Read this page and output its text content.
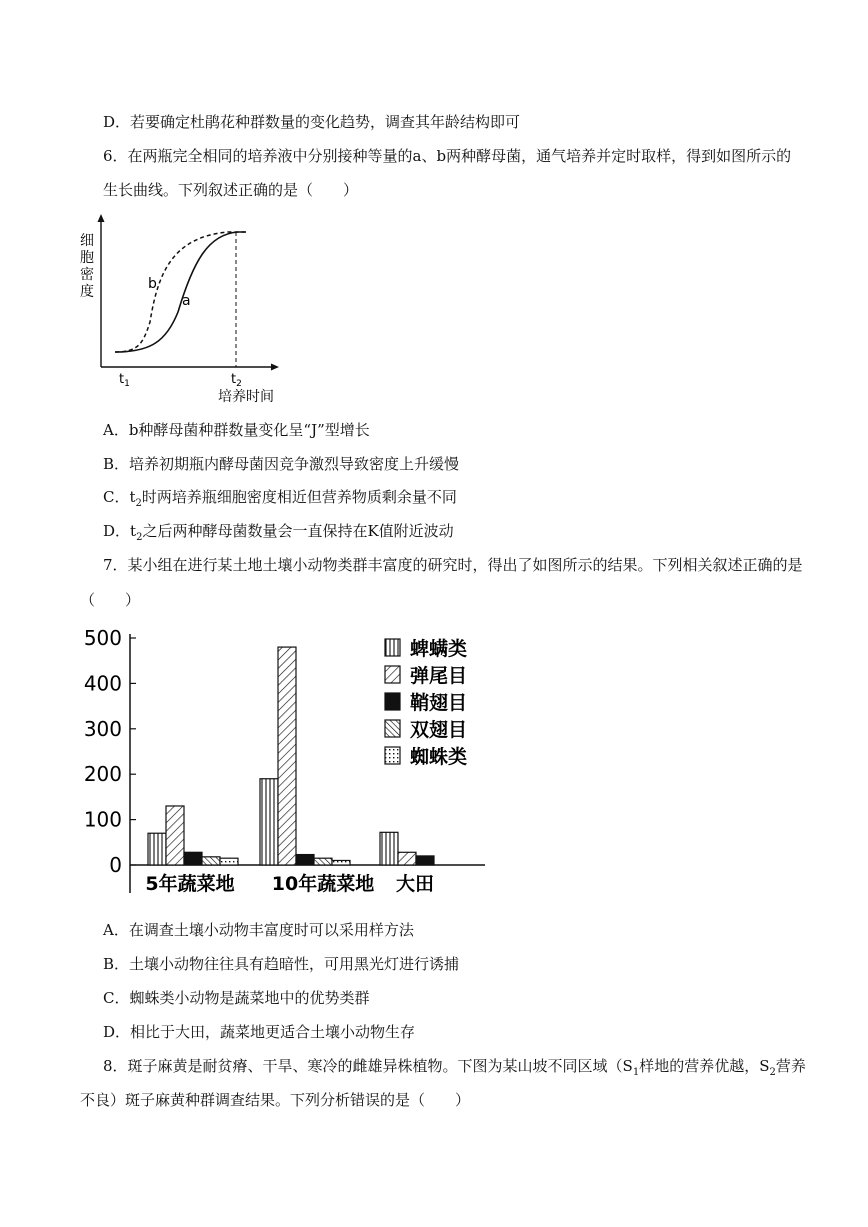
D．若要确定杜鹃花种群数量的变化趋势，调查其年龄结构即可
6．在两瓶完全相同的培养液中分别接种等量的a、b两种酵母菌，通气培养并定时取样，得到如图所示的
生长曲线。下列叙述正确的是（　　）
细
胞
密
度	b
a
$t_1$	$t_2$
培养时间
A．b种酵母菌种群数量变化呈“J”型增长
B．培养初期瓶内酵母菌因竞争激烈导致密度上升缓慢
C．$t_2$时两培养瓶细胞密度相近但营养物质剩余量不同
D．$t_2$之后两种酵母菌数量会一直保持在K值附近波动
7．某小组在进行某土地土壤小动物类群丰富度的研究时，得出了如图所示的结果。下列相关叙述正确的是
（　　）
500
400
300
200
100
0
5年蔬菜地 10年蔬菜地 大田
蜱螨类
弹尾目
鞘翅目
双翅目
蜘蛛类
A．在调查土壤小动物丰富度时可以采用样方法
B．土壤小动物往往具有趋暗性，可用黑光灯进行诱捕
C．蜘蛛类小动物是蔬菜地中的优势类群
D．相比于大田，蔬菜地更适合土壤小动物生存
8．斑子麻黄是耐贫瘠、干旱、寒冷的雌雄异株植物。下图为某山坡不同区域（$S_1$样地的营养优越，$S_2$营养
不良）斑子麻黄种群调查结果。下列分析错误的是（　　）
